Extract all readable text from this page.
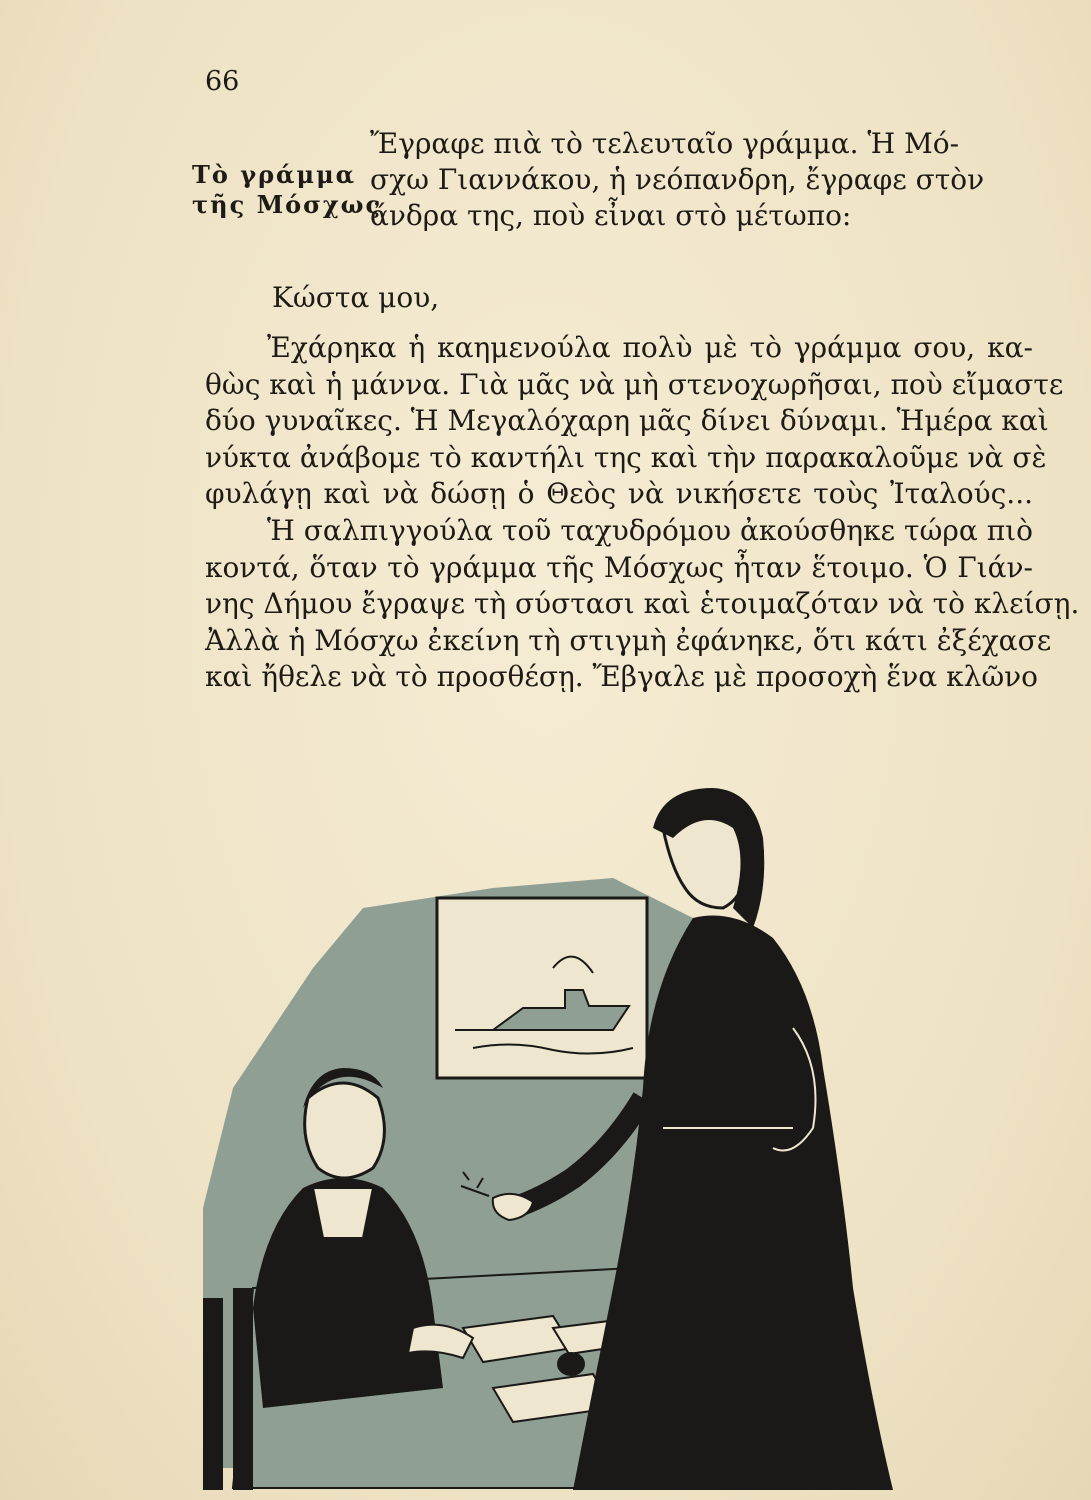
66
Τὸ γράμμα
τῆς Μόσχως
Ἔγραφε πιὰ τὸ τελευταῖο γράμμα. Ἡ Μό-
σχω Γιαννάκου, ἡ νεόπανδρη, ἔγραφε στὸν
ἄνδρα της, ποὺ εἶναι στὸ μέτωπο:
Κώστα μου,
Ἐχάρηκα ἡ καημενούλα πολὺ μὲ τὸ γράμμα σου, κα-
θὼς καὶ ἡ μάννα. Γιὰ μᾶς νὰ μὴ στενοχωρῆσαι, ποὺ εἴμαστε
δύο γυναῖκες. Ἡ Μεγαλόχαρη μᾶς δίνει δύναμι. Ἡμέρα καὶ
νύκτα ἀνάβομε τὸ καντήλι της καὶ τὴν παρακαλοῦμε νὰ σὲ
φυλάγῃ καὶ νὰ δώσῃ ὁ Θεὸς νὰ νικήσετε τοὺς Ἰταλούς...
Ἡ σαλπιγγούλα τοῦ ταχυδρόμου ἀκούσθηκε τώρα πιὸ
κοντά, ὅταν τὸ γράμμα τῆς Μόσχως ἦταν ἕτοιμο. Ὁ Γιάν-
νης Δήμου ἔγραψε τὴ σύστασι καὶ ἑτοιμαζόταν νὰ τὸ κλείσῃ.
Ἀλλὰ ἡ Μόσχω ἐκείνη τὴ στιγμὴ ἐφάνηκε, ὅτι κάτι ἐξέχασε
καὶ ἤθελε νὰ τὸ προσθέσῃ. Ἔβγαλε μὲ προσοχὴ ἕνα κλῶνο
